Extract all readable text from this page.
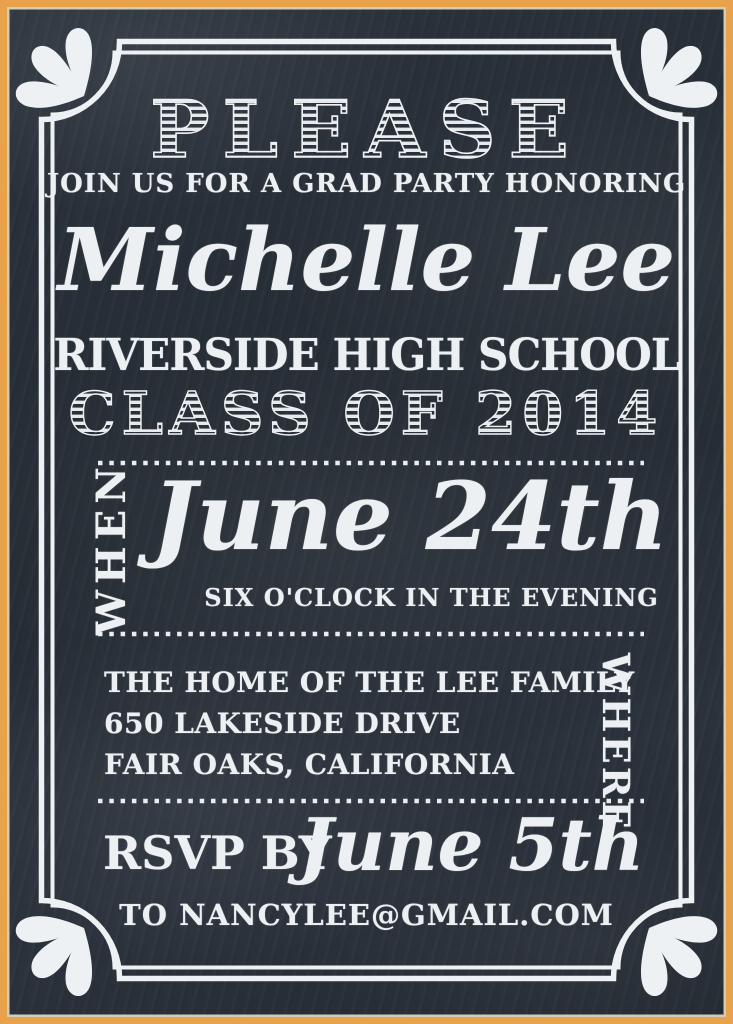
PLEASE
CLASS OF 2014
JOIN US FOR A GRAD PARTY HONORING
Michelle Lee
RIVERSIDE HIGH SCHOOL
WHEN June 24th
SIX O'CLOCK IN THE EVENING
THE HOME OF THE LEE FAMILY
650 LAKESIDE DRIVE
FAIR OAKS, CALIFORNIA	WHERE
RSVP BY
June 5th
TO NANCYLEE@GMAIL.COM
